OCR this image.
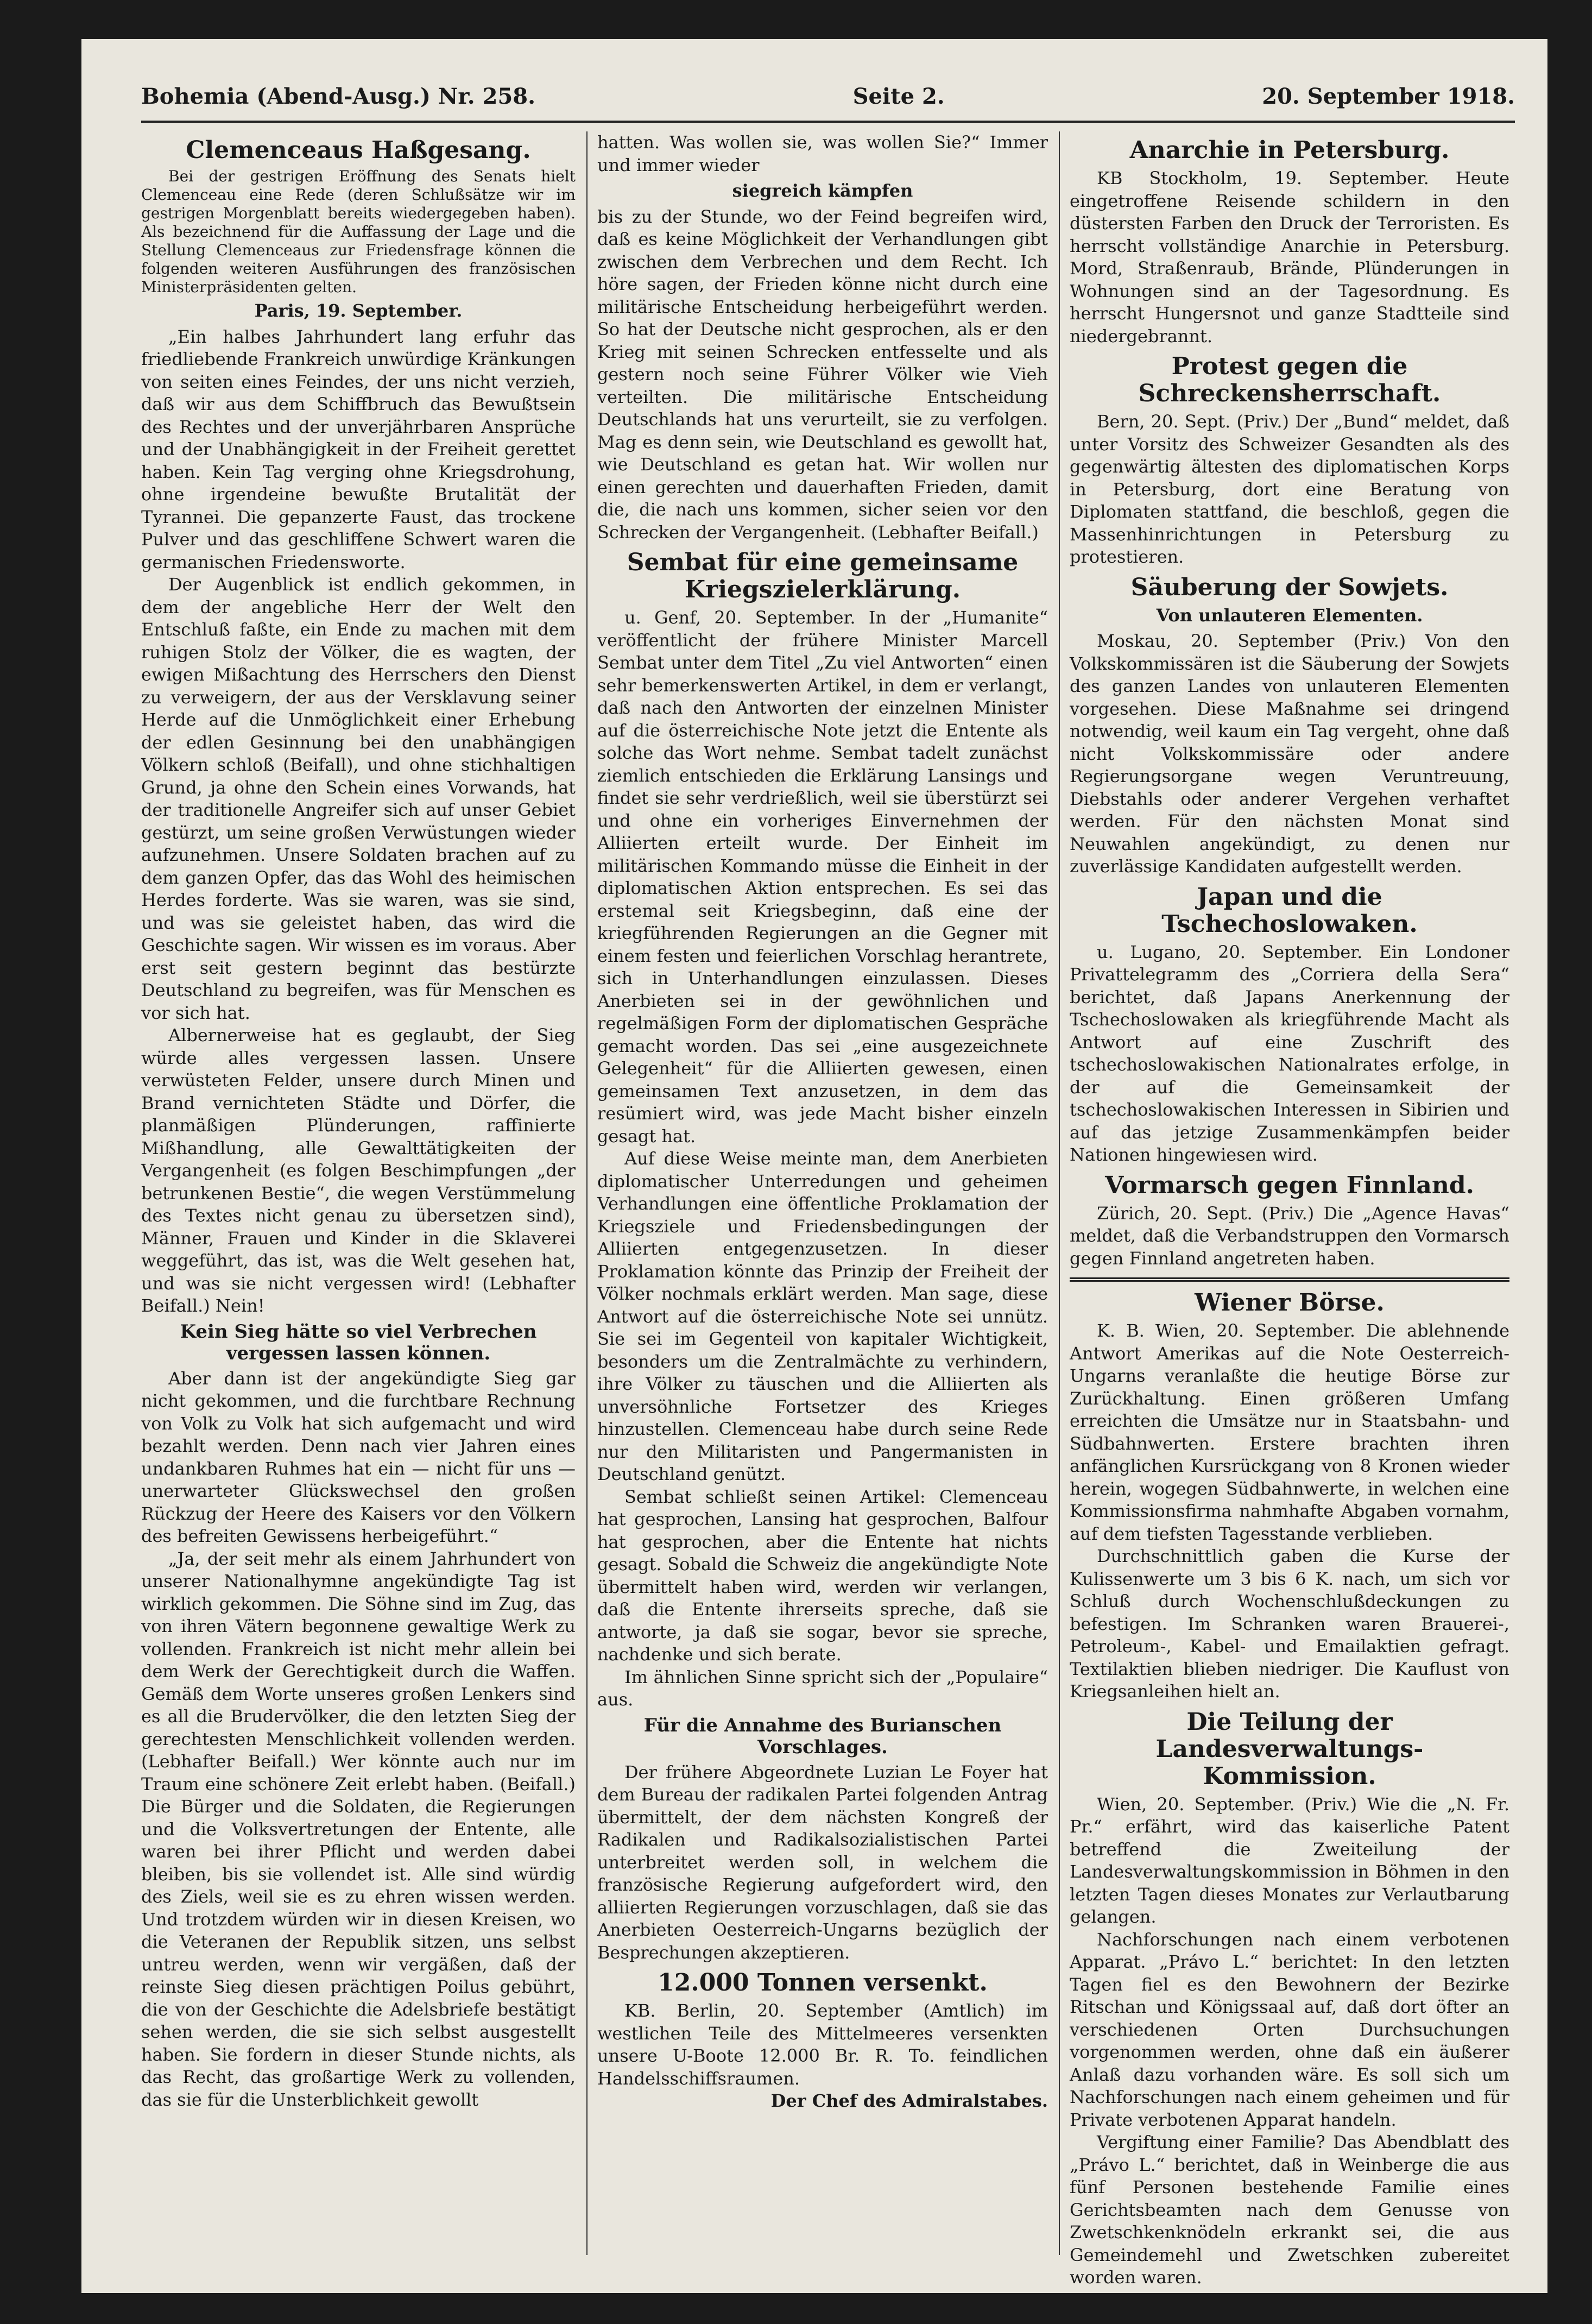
Bohemia (Abend-Ausg.) Nr. 258.	Seite 2.	20. September 1918.
Clemenceaus Haßgesang.

Bei der gestrigen Eröffnung des Senats hielt Clemenceau eine Rede (deren Schlußsätze wir im gestrigen Morgenblatt bereits wiedergegeben haben). Als bezeichnend für die Auffassung der Lage und die Stellung Clemenceaus zur Friedensfrage können die folgenden weiteren Ausführungen des französischen Ministerpräsidenten gelten.

Paris, 19. September.

„Ein halbes Jahrhundert lang erfuhr das friedliebende Frankreich unwürdige Kränkungen von seiten eines Feindes, der uns nicht verzieh, daß wir aus dem Schiffbruch das Bewußtsein des Rechtes und der unverjährbaren Ansprüche und der Unabhängigkeit in der Freiheit gerettet haben. Kein Tag verging ohne Kriegsdrohung, ohne irgendeine bewußte Brutalität der Tyrannei. Die gepanzerte Faust, das trockene Pulver und das geschliffene Schwert waren die germanischen Friedensworte.

Der Augenblick ist endlich gekommen, in dem der angebliche Herr der Welt den Entschluß faßte, ein Ende zu machen mit dem ruhigen Stolz der Völker, die es wagten, der ewigen Mißachtung des Herrschers den Dienst zu verweigern, der aus der Versklavung seiner Herde auf die Unmöglichkeit einer Erhebung der edlen Gesinnung bei den unabhängigen Völkern schloß (Beifall), und ohne stichhaltigen Grund, ja ohne den Schein eines Vorwands, hat der traditionelle Angreifer sich auf unser Gebiet gestürzt, um seine großen Verwüstungen wieder aufzunehmen. Unsere Soldaten brachen auf zu dem ganzen Opfer, das das Wohl des heimischen Herdes forderte. Was sie waren, was sie sind, und was sie geleistet haben, das wird die Geschichte sagen. Wir wissen es im voraus. Aber erst seit gestern beginnt das bestürzte Deutschland zu begreifen, was für Menschen es vor sich hat.

Albernerweise hat es geglaubt, der Sieg würde alles vergessen lassen. Unsere verwüsteten Felder, unsere durch Minen und Brand vernichteten Städte und Dörfer, die planmäßigen Plünderungen, raffinierte Mißhandlung, alle Gewalttätigkeiten der Vergangenheit (es folgen Beschimpfungen „der betrunkenen Bestie“, die wegen Verstümmelung des Textes nicht genau zu übersetzen sind), Männer, Frauen und Kinder in die Sklaverei weggeführt, das ist, was die Welt gesehen hat, und was sie nicht vergessen wird! (Lebhafter Beifall.) Nein!

Kein Sieg hätte so viel Verbrechen vergessen lassen können.

Aber dann ist der angekündigte Sieg gar nicht gekommen, und die furchtbare Rechnung von Volk zu Volk hat sich aufgemacht und wird bezahlt werden. Denn nach vier Jahren eines undankbaren Ruhmes hat ein — nicht für uns — unerwarteter Glückswechsel den großen Rückzug der Heere des Kaisers vor den Völkern des befreiten Gewissens herbeigeführt.“

„Ja, der seit mehr als einem Jahrhundert von unserer Nationalhymne angekündigte Tag ist wirklich gekommen. Die Söhne sind im Zug, das von ihren Vätern begonnene gewaltige Werk zu vollenden. Frankreich ist nicht mehr allein bei dem Werk der Gerechtigkeit durch die Waffen. Gemäß dem Worte unseres großen Lenkers sind es all die Brudervölker, die den letzten Sieg der gerechtesten Menschlichkeit vollenden werden. (Lebhafter Beifall.) Wer könnte auch nur im Traum eine schönere Zeit erlebt haben. (Beifall.) Die Bürger und die Soldaten, die Regierungen und die Volksvertretungen der Entente, alle waren bei ihrer Pflicht und werden dabei bleiben, bis sie vollendet ist. Alle sind würdig des Ziels, weil sie es zu ehren wissen werden. Und trotzdem würden wir in diesen Kreisen, wo die Veteranen der Republik sitzen, uns selbst untreu werden, wenn wir vergäßen, daß der reinste Sieg diesen prächtigen Poilus gebührt, die von der Geschichte die Adelsbriefe bestätigt sehen werden, die sie sich selbst ausgestellt haben. Sie fordern in dieser Stunde nichts, als das Recht, das großartige Werk zu vollenden, das sie für die Unsterblichkeit gewollt

hatten. Was wollen sie, was wollen Sie?“ Immer und immer wieder

siegreich kämpfen

bis zu der Stunde, wo der Feind begreifen wird, daß es keine Möglichkeit der Verhandlungen gibt zwischen dem Verbrechen und dem Recht. Ich höre sagen, der Frieden könne nicht durch eine militärische Entscheidung herbeigeführt werden. So hat der Deutsche nicht gesprochen, als er den Krieg mit seinen Schrecken entfesselte und als gestern noch seine Führer Völker wie Vieh verteilten. Die militärische Entscheidung Deutschlands hat uns verurteilt, sie zu verfolgen. Mag es denn sein, wie Deutschland es gewollt hat, wie Deutschland es getan hat. Wir wollen nur einen gerechten und dauerhaften Frieden, damit die, die nach uns kommen, sicher seien vor den Schrecken der Vergangenheit. (Lebhafter Beifall.)

Sembat für eine gemeinsame Kriegszielerklärung.

u. Genf, 20. September. In der „Humanite“ veröffentlicht der frühere Minister Marcell Sembat unter dem Titel „Zu viel Antworten“ einen sehr bemerkenswerten Artikel, in dem er verlangt, daß nach den Antworten der einzelnen Minister auf die österreichische Note jetzt die Entente als solche das Wort nehme. Sembat tadelt zunächst ziemlich entschieden die Erklärung Lansings und findet sie sehr verdrießlich, weil sie überstürzt sei und ohne ein vorheriges Einvernehmen der Alliierten erteilt wurde. Der Einheit im militärischen Kommando müsse die Einheit in der diplomatischen Aktion entsprechen. Es sei das erstemal seit Kriegsbeginn, daß eine der kriegführenden Regierungen an die Gegner mit einem festen und feierlichen Vorschlag herantrete, sich in Unterhandlungen einzulassen. Dieses Anerbieten sei in der gewöhnlichen und regelmäßigen Form der diplomatischen Gespräche gemacht worden. Das sei „eine ausgezeichnete Gelegenheit“ für die Alliierten gewesen, einen gemeinsamen Text anzusetzen, in dem das resümiert wird, was jede Macht bisher einzeln gesagt hat.

Auf diese Weise meinte man, dem Anerbieten diplomatischer Unterredungen und geheimen Verhandlungen eine öffentliche Proklamation der Kriegsziele und Friedensbedingungen der Alliierten entgegenzusetzen. In dieser Proklamation könnte das Prinzip der Freiheit der Völker nochmals erklärt werden. Man sage, diese Antwort auf die österreichische Note sei unnütz. Sie sei im Gegenteil von kapitaler Wichtigkeit, besonders um die Zentralmächte zu verhindern, ihre Völker zu täuschen und die Alliierten als unversöhnliche Fortsetzer des Krieges hinzustellen. Clemenceau habe durch seine Rede nur den Militaristen und Pangermanisten in Deutschland genützt.

Sembat schließt seinen Artikel: Clemenceau hat gesprochen, Lansing hat gesprochen, Balfour hat gesprochen, aber die Entente hat nichts gesagt. Sobald die Schweiz die angekündigte Note übermittelt haben wird, werden wir verlangen, daß die Entente ihrerseits spreche, daß sie antworte, ja daß sie sogar, bevor sie spreche, nachdenke und sich berate.

Im ähnlichen Sinne spricht sich der „Populaire“ aus.

Für die Annahme des Burianschen Vorschlages.

Der frühere Abgeordnete Luzian Le Foyer hat dem Bureau der radikalen Partei folgenden Antrag übermittelt, der dem nächsten Kongreß der Radikalen und Radikalsozialistischen Partei unterbreitet werden soll, in welchem die französische Regierung aufgefordert wird, den alliierten Regierungen vorzuschlagen, daß sie das Anerbieten Oesterreich-Ungarns bezüglich der Besprechungen akzeptieren.

12.000 Tonnen versenkt.

KB. Berlin, 20. September (Amtlich) im westlichen Teile des Mittelmeeres versenkten unsere U-Boote 12.000 Br. R. To. feindlichen Handelsschiffsraumen.

Der Chef des Admiralstabes.
Anarchie in Petersburg.

KB Stockholm, 19. September. Heute eingetroffene Reisende schildern in den düstersten Farben den Druck der Terroristen. Es herrscht vollständige Anarchie in Petersburg. Mord, Straßenraub, Brände, Plünderungen in Wohnungen sind an der Tagesordnung. Es herrscht Hungersnot und ganze Stadtteile sind niedergebrannt.

Protest gegen die Schreckensherrschaft.

Bern, 20. Sept. (Priv.) Der „Bund“ meldet, daß unter Vorsitz des Schweizer Gesandten als des gegenwärtig ältesten des diplomatischen Korps in Petersburg, dort eine Beratung von Diplomaten stattfand, die beschloß, gegen die Massenhinrichtungen in Petersburg zu protestieren.

Säuberung der Sowjets.
Von unlauteren Elementen.

Moskau, 20. September (Priv.) Von den Volkskommissären ist die Säuberung der Sowjets des ganzen Landes von unlauteren Elementen vorgesehen. Diese Maßnahme sei dringend notwendig, weil kaum ein Tag vergeht, ohne daß nicht Volkskommissäre oder andere Regierungsorgane wegen Veruntreuung, Diebstahls oder anderer Vergehen verhaftet werden. Für den nächsten Monat sind Neuwahlen angekündigt, zu denen nur zuverlässige Kandidaten aufgestellt werden.

Japan und die Tschechoslowaken.

u. Lugano, 20. September. Ein Londoner Privattelegramm des „Corriera della Sera“ berichtet, daß Japans Anerkennung der Tschechoslowaken als kriegführende Macht als Antwort auf eine Zuschrift des tschechoslowakischen Nationalrates erfolge, in der auf die Gemeinsamkeit der tschechoslowakischen Interessen in Sibirien und auf das jetzige Zusammenkämpfen beider Nationen hingewiesen wird.

Vormarsch gegen Finnland.

Zürich, 20. Sept. (Priv.) Die „Agence Havas“ meldet, daß die Verbandstruppen den Vormarsch gegen Finnland angetreten haben.

Wiener Börse.

K. B. Wien, 20. September. Die ablehnende Antwort Amerikas auf die Note Oesterreich-Ungarns veranlaßte die heutige Börse zur Zurückhaltung. Einen größeren Umfang erreichten die Umsätze nur in Staatsbahn- und Südbahnwerten. Erstere brachten ihren anfänglichen Kursrückgang von 8 Kronen wieder herein, wogegen Südbahnwerte, in welchen eine Kommissionsfirma nahmhafte Abgaben vornahm, auf dem tiefsten Tagesstande verblieben.

Durchschnittlich gaben die Kurse der Kulissenwerte um 3 bis 6 K. nach, um sich vor Schluß durch Wochenschlußdeckungen zu befestigen. Im Schranken waren Brauerei-, Petroleum-, Kabel- und Emailaktien gefragt. Textilaktien blieben niedriger. Die Kauflust von Kriegsanleihen hielt an.

Die Teilung der Landesverwaltungs-Kommission.

Wien, 20. September. (Priv.) Wie die „N. Fr. Pr.“ erfährt, wird das kaiserliche Patent betreffend die Zweiteilung der Landesverwaltungskommission in Böhmen in den letzten Tagen dieses Monates zur Verlautbarung gelangen.

Nachforschungen nach einem verbotenen Apparat. „Právo L.“ berichtet: In den letzten Tagen fiel es den Bewohnern der Bezirke Ritschan und Königssaal auf, daß dort öfter an verschiedenen Orten Durchsuchungen vorgenommen werden, ohne daß ein äußerer Anlaß dazu vorhanden wäre. Es soll sich um Nachforschungen nach einem geheimen und für Private verbotenen Apparat handeln.

Vergiftung einer Familie? Das Abendblatt des „Právo L.“ berichtet, daß in Weinberge die aus fünf Personen bestehende Familie eines Gerichtsbeamten nach dem Genusse von Zwetschkenknödeln erkrankt sei, die aus Gemeindemehl und Zwetschken zubereitet worden waren.
